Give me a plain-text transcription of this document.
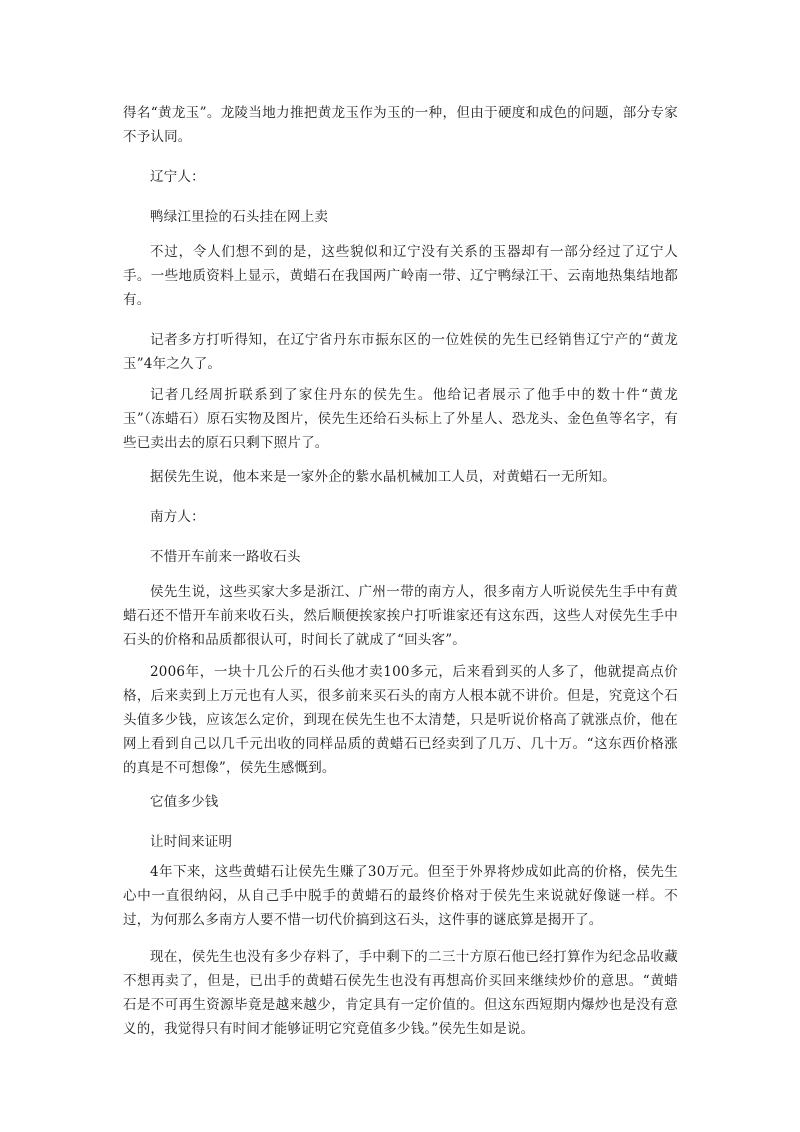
得名“黄龙玉”。龙陵当地力推把黄龙玉作为玉的一种，但由于硬度和成色的问题，部分专家不予认同。

辽宁人：

鸭绿江里捡的石头挂在网上卖

不过，令人们想不到的是，这些貌似和辽宁没有关系的玉器却有一部分经过了辽宁人手。一些地质资料上显示，黄蜡石在我国两广岭南一带、辽宁鸭绿江干、云南地热集结地都有。

记者多方打听得知，在辽宁省丹东市振东区的一位姓侯的先生已经销售辽宁产的“黄龙玉”4年之久了。

记者几经周折联系到了家住丹东的侯先生。他给记者展示了他手中的数十件“黄龙玉”（冻蜡石）原石实物及图片，侯先生还给石头标上了外星人、恐龙头、金色鱼等名字，有些已卖出去的原石只剩下照片了。

据侯先生说，他本来是一家外企的紫水晶机械加工人员，对黄蜡石一无所知。

南方人：

不惜开车前来一路收石头

侯先生说，这些买家大多是浙江、广州一带的南方人，很多南方人听说侯先生手中有黄蜡石还不惜开车前来收石头，然后顺便挨家挨户打听谁家还有这东西，这些人对侯先生手中石头的价格和品质都很认可，时间长了就成了“回头客”。

2006年，一块十几公斤的石头他才卖100多元，后来看到买的人多了，他就提高点价格，后来卖到上万元也有人买，很多前来买石头的南方人根本就不讲价。但是，究竟这个石头值多少钱，应该怎么定价，到现在侯先生也不太清楚，只是听说价格高了就涨点价，他在网上看到自己以几千元出收的同样品质的黄蜡石已经卖到了几万、几十万。“这东西价格涨的真是不可想像”，侯先生感慨到。

它值多少钱

让时间来证明

4年下来，这些黄蜡石让侯先生赚了30万元。但至于外界将炒成如此高的价格，侯先生心中一直很纳闷，从自己手中脱手的黄蜡石的最终价格对于侯先生来说就好像谜一样。不过，为何那么多南方人要不惜一切代价搞到这石头，这件事的谜底算是揭开了。

现在，侯先生也没有多少存料了，手中剩下的二三十方原石他已经打算作为纪念品收藏不想再卖了，但是，已出手的黄蜡石侯先生也没有再想高价买回来继续炒价的意思。“黄蜡石是不可再生资源毕竟是越来越少，肯定具有一定价值的。但这东西短期内爆炒也是没有意义的，我觉得只有时间才能够证明它究竟值多少钱。”侯先生如是说。
